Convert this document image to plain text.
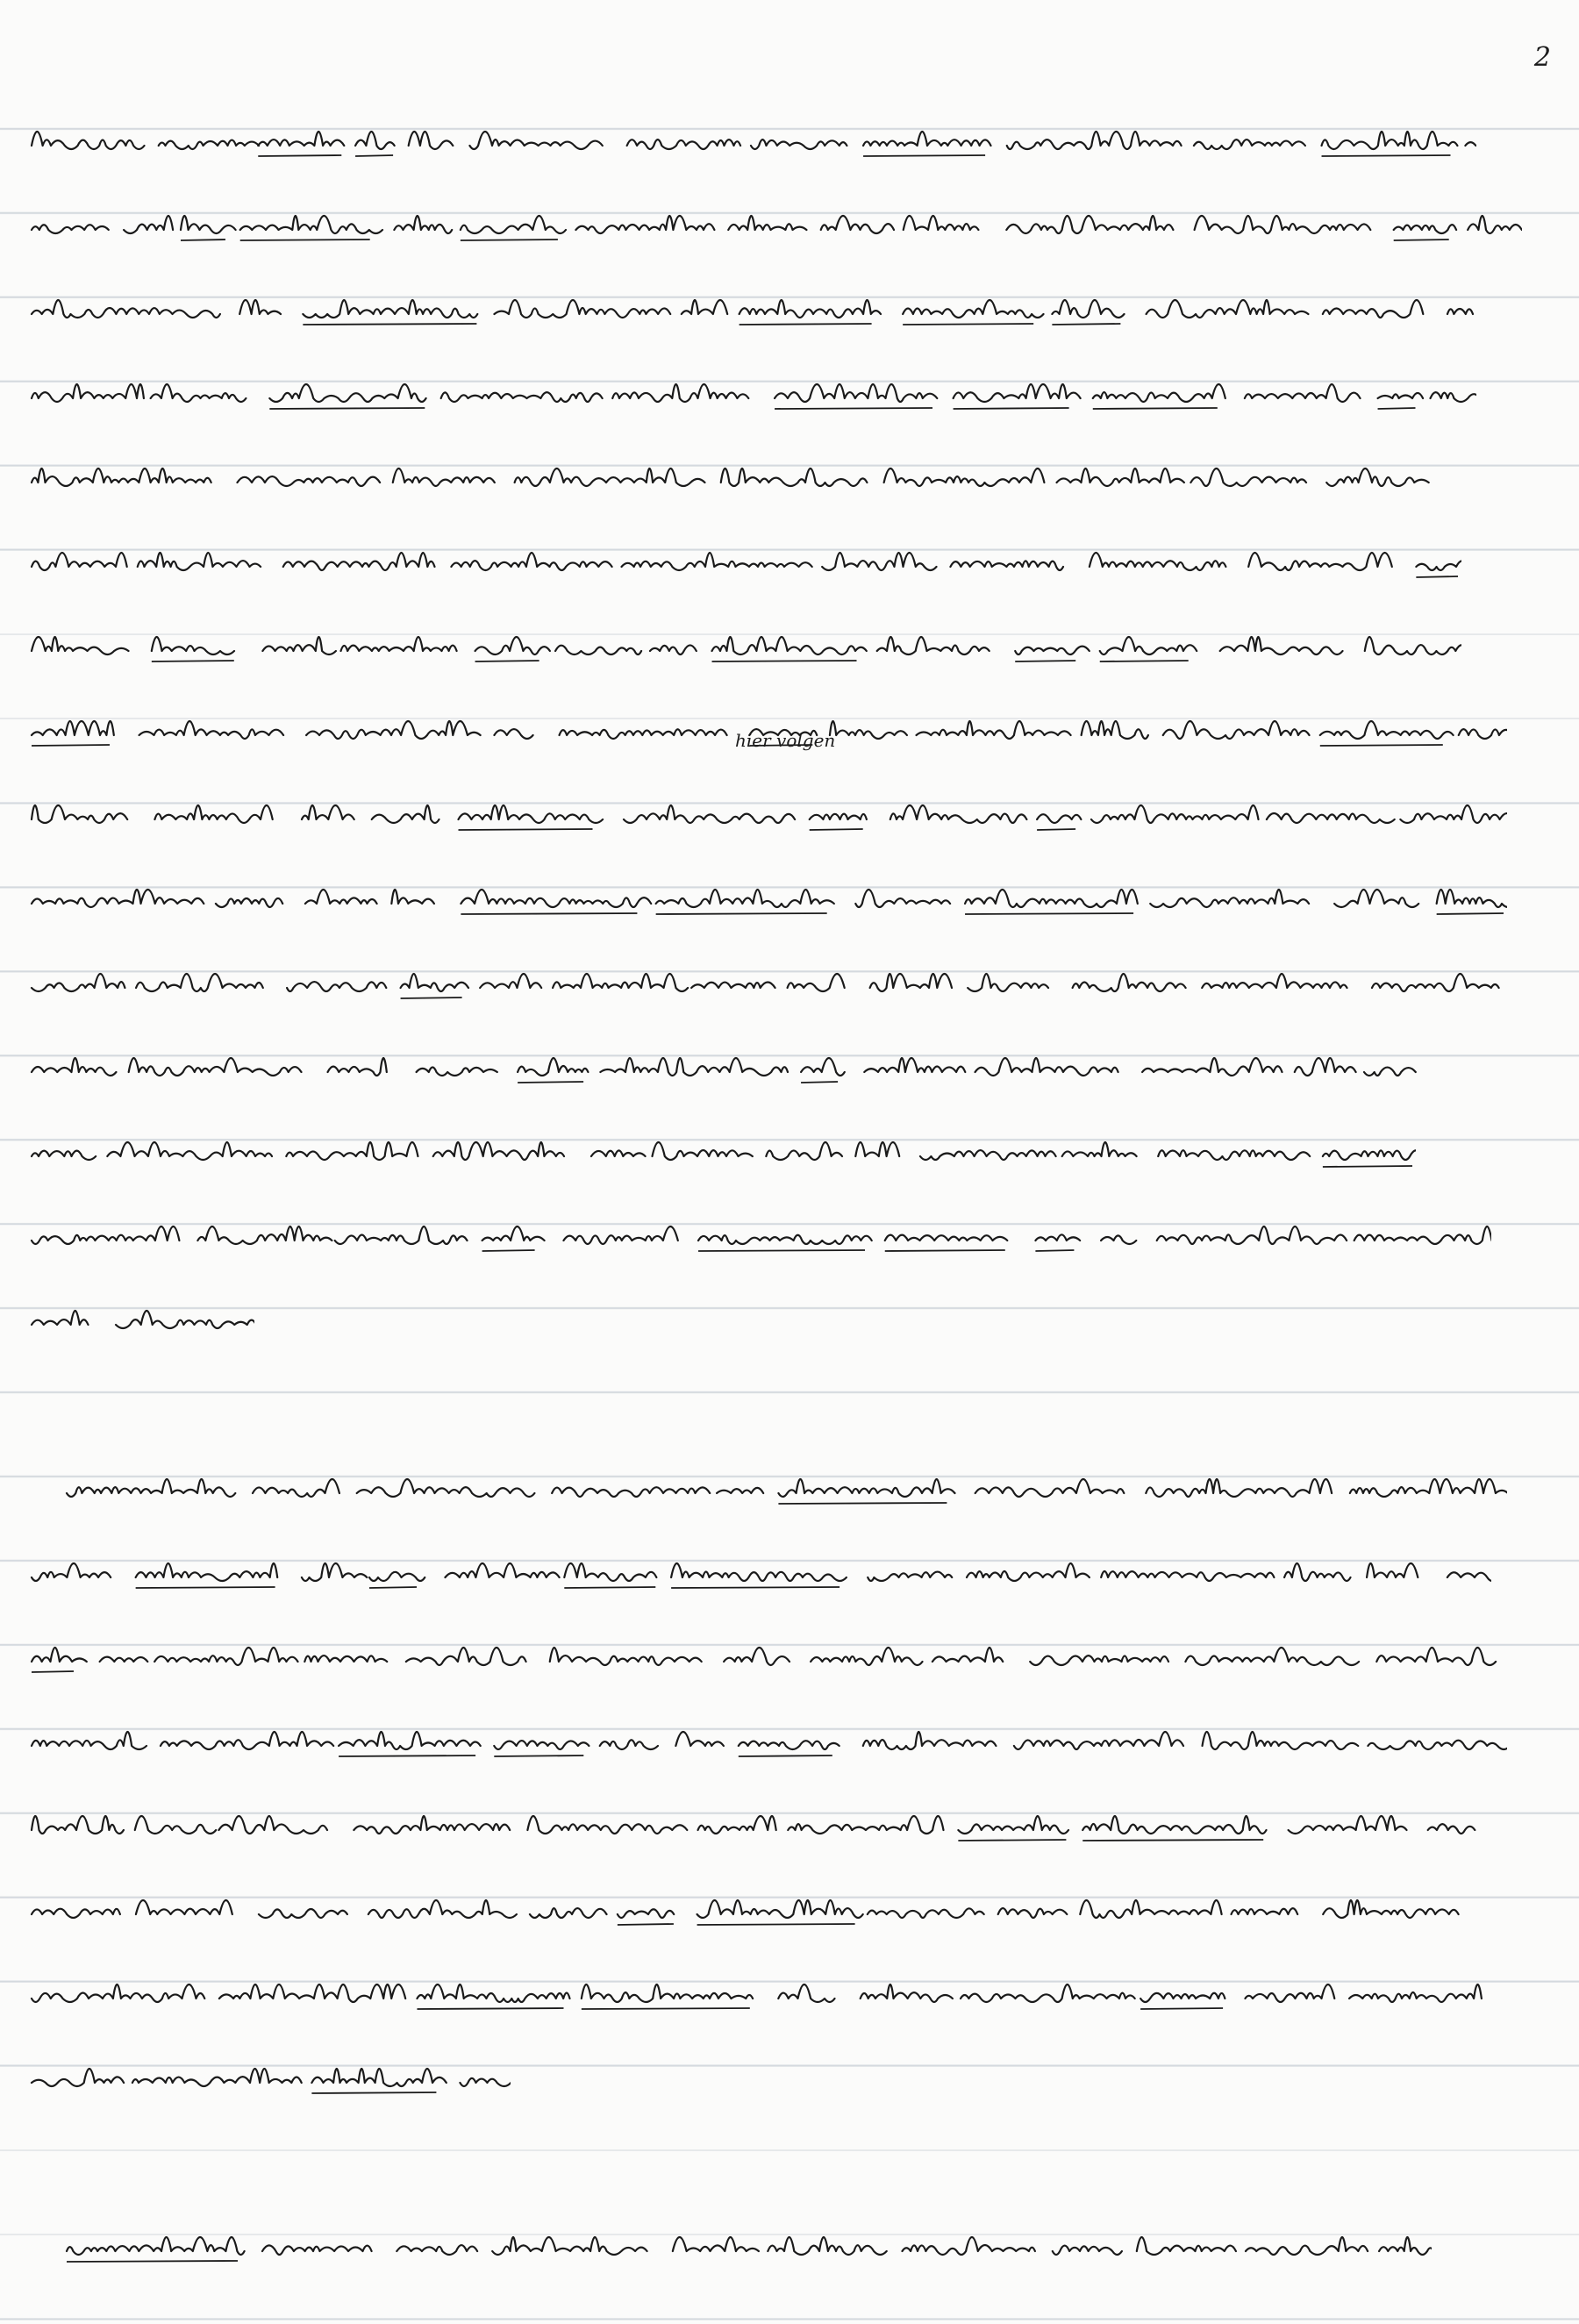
2
hier volgen
